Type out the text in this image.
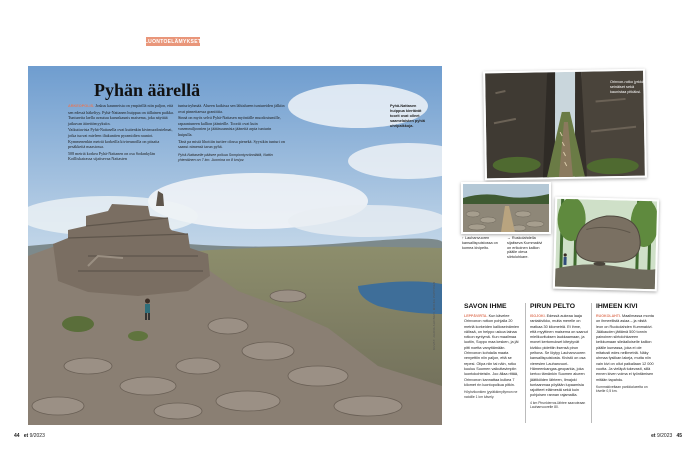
LUONTOELÄMYKSET
Pyhän äärellä

ARKEOPOLIS. Joskus kaunneista on ympärillä niin paljon, että sen edessä häkeltyy. Pyhä-Nattanen huippua on tällainen paikka. Tuntureita laella avautuu kurunkaunis maisema, joka näyttää jatkuvan äärettömyyksiin.

Vaikuttavista Pyhä-Nattasella ovat kuitenkin kivimuodostelmat, jotka tuovat mieleen iltakuntien pyramidien rauniot. Kymmenenkin metriä korkeilla kivireunoilla on pitsaita pesäkkeitä maastossa.

508 metriä korkea Pyhä-Nattanen on osa Sodankylän Koilliskairassa sijaitsevaa Nattasten

tunturiryhmää. Alueen kaikissa sen lähialueen tuntureiden jälkiin ovat pinnettaessa graniittia.

Sinnä on myös selvä Pyhä-Nattasen myöntälle muodostumille, rapaantuneen kallion jäänteille. Tooriit ovat kuin vasemmiljoonien ja jäätäsuunnista jääneitä arpia tunturin huipulla.

Tänä pa mistä lihottiin turtiee olossa pienekä. Syystkin tunturi on saanut nimensä tarun pyhä.

Pyhä-Nattaselle pääsee polkua Sompiontyrvännlätiä, Nattin yhtenäinen on 7 km. Juomina on 8 km/pv.

Pyhä-Nattasen huippua kiertävät toorit ovat olleet saamelaisten pyhiä uhripaikkoja.
KUVAT: JAANA AHONEN, MIIKKA PAPPINEN
44 et 9/2023
Orinvon-rotko jyrkkä-seinäiset sekä kaunistaa pitkäksi.
↑ Lauhanvuoren kansallispuistossa on komea kivipelto.
→ Ruskolahdella sijaitseva Kummakivi on erikoinen kallion päälle oleva siirtolohkare.
SAVON IHME
LEPPÄVIRTA. Kun kävelee Orinvonon rotkon pohjalla 20 metriä korkeiden kallioseinämien välissä, on helppo uskoa lainaa rotkon syntymä. Kun maailmaa luotiin, Soppo maa kesken, ja jäi pitti noetta vanyttämään. Orinvonon kohdalla maata venyettiin niin paljon, että se repesi. Olipa niin tai näin, rotko kuuluu Suomen vaikuttavimpiin luontokohteisiin. Joo ällaa rittää, Orinvonon kannattaa kulkea 7 kilomet rin luontopolkua pitkin.
Höyhvikonkien jyyräkkimyllymon ne natollle 1 km kävely.
PIRUN PELTO
ISOJOKI. Edessä aukeaa laaja rantakivikko, mutta merelle on matkaa 30 kilometriä. Et ihme, että myyttinen maisema on saanut mielikuvituksen laukkaamaan, ja monet kertomukset kiteytyvät kivikko pidettiin itsensä pirun peltona. Se löytyy Lauhanvuoren kansallispuistosta. Kivistö on osa vieresien Lauhanvuori-Hämeenkangas-geoparkia, joka kertoo tämänkin Suomen alueen jäätiköiden lähteen, Ilmajoki tuntaanmaa pöytään lupaamisia rajoitteet eläimestä sekä kuin pohjoisen rannan rajamailla.
4 km Pirunkierros-lähtee saavuteaan Lauhanvuorelle 80.
IHMEEN KIVI
RUOKOLAHTI. Maailmassa monta on ihmeellistä asiaa – ja niistä leon on Ruokolahden Kummakivi. Jääkauden jättämä 500 tonnin painoinen siirtolohkareen keikkumaan sileäalloiselle kallion päälle kumassa, joka ei ole mitatusti edes nellimetriä. Näky uhmaa fysiikan lakeja, mutta niin vain kivi on ollut paikallaan 12 000 vuotta. Ja vieläpä tukevasti, sillä ennen kiven voima ei työntämisen mitään tapahdu.
Kummakiveltaan parkkialueelta on kivelle 0,5 km.
et 9/2023 45
